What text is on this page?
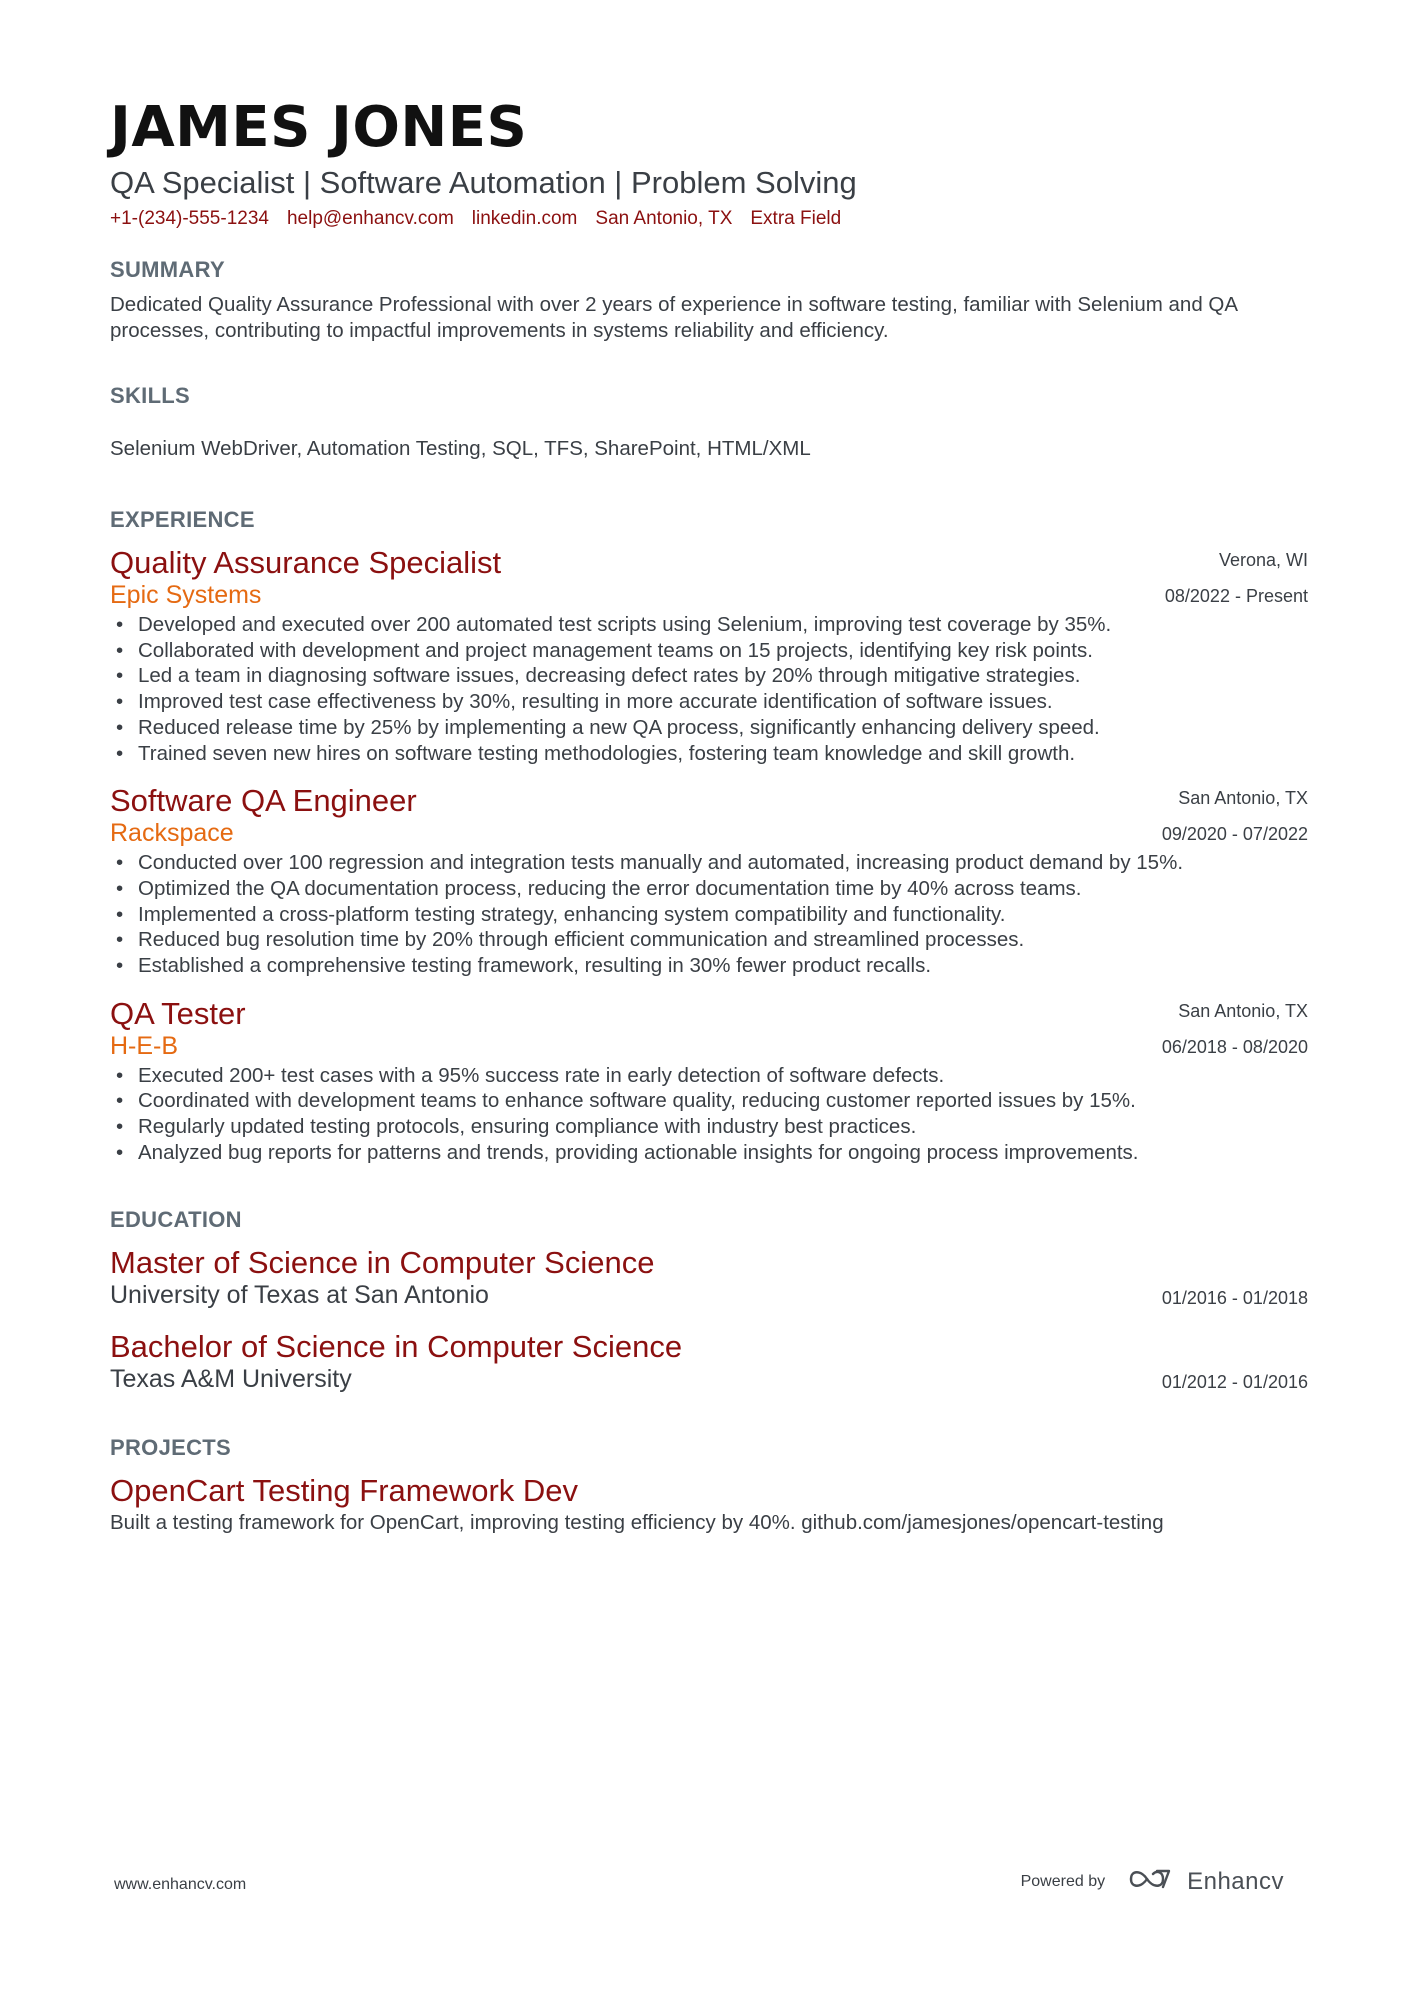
JAMES JONES
QA Specialist | Software Automation | Problem Solving
+1-(234)-555-1234 help@enhancv.com linkedin.com San Antonio, TX Extra Field
SUMMARY
Dedicated Quality Assurance Professional with over 2 years of experience in software testing, familiar with Selenium and QA processes, contributing to impactful improvements in systems reliability and efficiency.
SKILLS
Selenium WebDriver, Automation Testing, SQL, TFS, SharePoint, HTML/XML
EXPERIENCE
Quality Assurance Specialist
Epic Systems
Verona, WI
08/2022 - Present
• Developed and executed over 200 automated test scripts using Selenium, improving test coverage by 35%.
• Collaborated with development and project management teams on 15 projects, identifying key risk points.
• Led a team in diagnosing software issues, decreasing defect rates by 20% through mitigative strategies.
• Improved test case effectiveness by 30%, resulting in more accurate identification of software issues.
• Reduced release time by 25% by implementing a new QA process, significantly enhancing delivery speed.
• Trained seven new hires on software testing methodologies, fostering team knowledge and skill growth.
Software QA Engineer
Rackspace
San Antonio, TX
09/2020 - 07/2022
• Conducted over 100 regression and integration tests manually and automated, increasing product demand by 15%.
• Optimized the QA documentation process, reducing the error documentation time by 40% across teams.
• Implemented a cross-platform testing strategy, enhancing system compatibility and functionality.
• Reduced bug resolution time by 20% through efficient communication and streamlined processes.
• Established a comprehensive testing framework, resulting in 30% fewer product recalls.
QA Tester
H-E-B
San Antonio, TX
06/2018 - 08/2020
• Executed 200+ test cases with a 95% success rate in early detection of software defects.
• Coordinated with development teams to enhance software quality, reducing customer reported issues by 15%.
• Regularly updated testing protocols, ensuring compliance with industry best practices.
• Analyzed bug reports for patterns and trends, providing actionable insights for ongoing process improvements.
EDUCATION
Master of Science in Computer Science
University of Texas at San Antonio	01/2016 - 01/2018
Bachelor of Science in Computer Science
Texas A&M University	01/2012 - 01/2016
PROJECTS
OpenCart Testing Framework Dev
Built a testing framework for OpenCart, improving testing efficiency by 40%. github.com/jamesjones/opencart-testing
www.enhancv.com	Powered by	Enhancv
